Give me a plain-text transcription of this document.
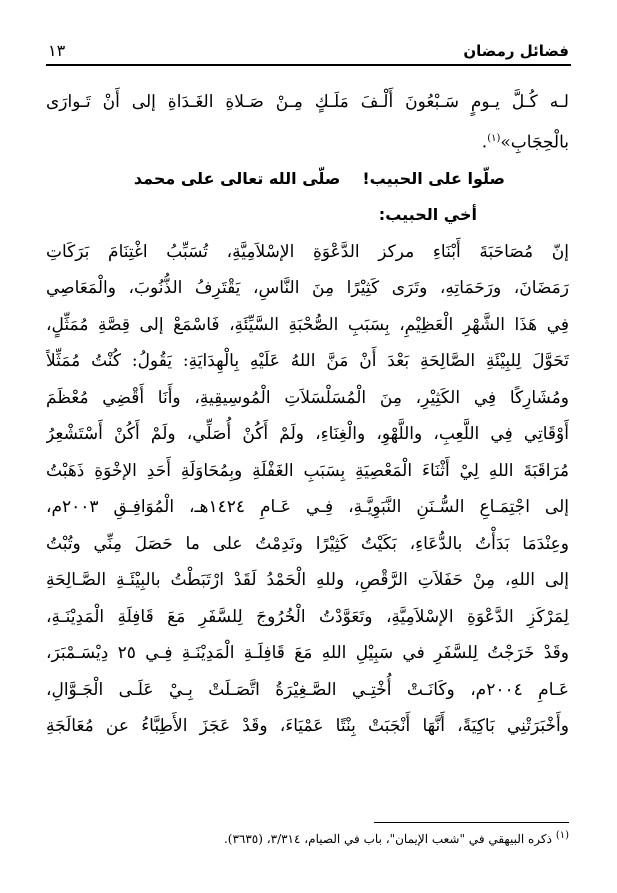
فضائل رمضان
١٣
لـه كُـلَّ يـومٍ سَـبْعُونَ أَلْـفَ مَلَـكٍ مِـنْ صَـلاةِ الغَـدَاةِ إلى أَنْ تَـوارَى
بالْحِجَابِ»$^{(١)}$.
صلّوا على الحبيب!صلّى الله تعالى على محمد
أخي الحبيب:
إنّ مُصَاحَبَةَ أَبْنَاءِ مركز الدَّعْوَةِ الإسْلاَمِيَّةِ، تُسَبِّبُ اغْتِنَامَ بَرَكَاتِ
رَمَضَانَ، ورَحَمَاتِهِ، وتَرَى كَثِيْرًا مِنَ النَّاسِ، يَقْتَرِفُ الذُّنُوبَ، والْمَعَاصِي
فِي هَذَا الشَّهْرِ الْعَظِيْمِ، بِسَبَبِ الصُّحْبَةِ السَّيِّئَةِ، فَاسْمَعْ إلى قِصَّةِ مُمَثِّلٍ،
تَحَوَّلَ لِلبِيْئَةِ الصَّالِحَةِ بَعْدَ أَنْ مَنَّ اللهُ عَلَيْهِ بِالْهِدَايَةِ: يَقُولُ: كُنْتُ مُمَثِّلاً
ومُشَارِكًا فِي الكَثِيْرِ، مِنَ الْمُسَلْسَلاَتِ الْمُوسِيقِيةِ، وأَنَا أَقْضِي مُعْظَمَ
أَوْقَاتِي فِي اللَّعِبِ، واللَّهْوِ، والْغِنَاءِ، ولَمْ أَكُنْ أُصَلِّي، ولَمْ أَكُنْ أَسْتَشْعِرُ
مُرَاقَبَةَ اللهِ لِيْ أَثْنَاءَ الْمَعْصِيَةِ بِسَبَبِ الغَفْلَةِ وبِمُحَاوَلَةِ أَحَدِ الإخْوَةِ ذَهَبْتُ
إلى اجْتِمَـاعِ السُّـنَنِ النَّبَوِيَّـةِ، فِـي عَـامِ ١٤٢٤هـ، الْمُوَافِـقِ ٢٠٠٣م،
وعِنْدَمَا بَدَأْتُ بالدُّعَاءِ، بَكَيْتُ كَثِيْرًا ونَدِمْتُ على ما حَصَلَ مِنِّي وتُبْتُ
إلى اللهِ، مِنْ حَفَلاَتِ الرَّقْصِ، وللهِ الْحَمْدُ لَقَدْ ارْتَبَطْتُ بالبِيْئَـةِ الصَّـالِحَةِ
لِمَرْكَزِ الدَّعْوَةِ الإسْلاَمِيَّةِ، وتَعَوَّدْتُ الْخُرُوجَ لِلسَّفَرِ مَعَ قَافِلَةِ الْمَدِيْنَـةِ،
وقَدْ خَرَجْتُ لِلسَّفَرِ في سَبِيْلِ اللهِ مَعَ قَافِلَـةِ الْمَدِيْنَـةِ فِـي ٢٥ دِيْسَـمْبَرَ،
عَـامِ ٢٠٠٤م، وكَانَـتْ أُخْتِـي الصَّـغِيْرَةُ اتَّصَـلَتْ بِـيْ عَلَـى الْجَـوَّالِ،
وأَخْبَرَتْنِي بَاكِيَةً، أَنَّهَا أَنْجَبَتْ بِنْتًا عَمْيَاءَ، وقَدْ عَجَزَ الأَطِبَّاءُ عن مُعَالَجَةِ
$^{(١)}$ ذكره البيهقي في "شعب الإيمان"، باب في الصيام، ٣/٣١٤، (٣٦٣٥).
